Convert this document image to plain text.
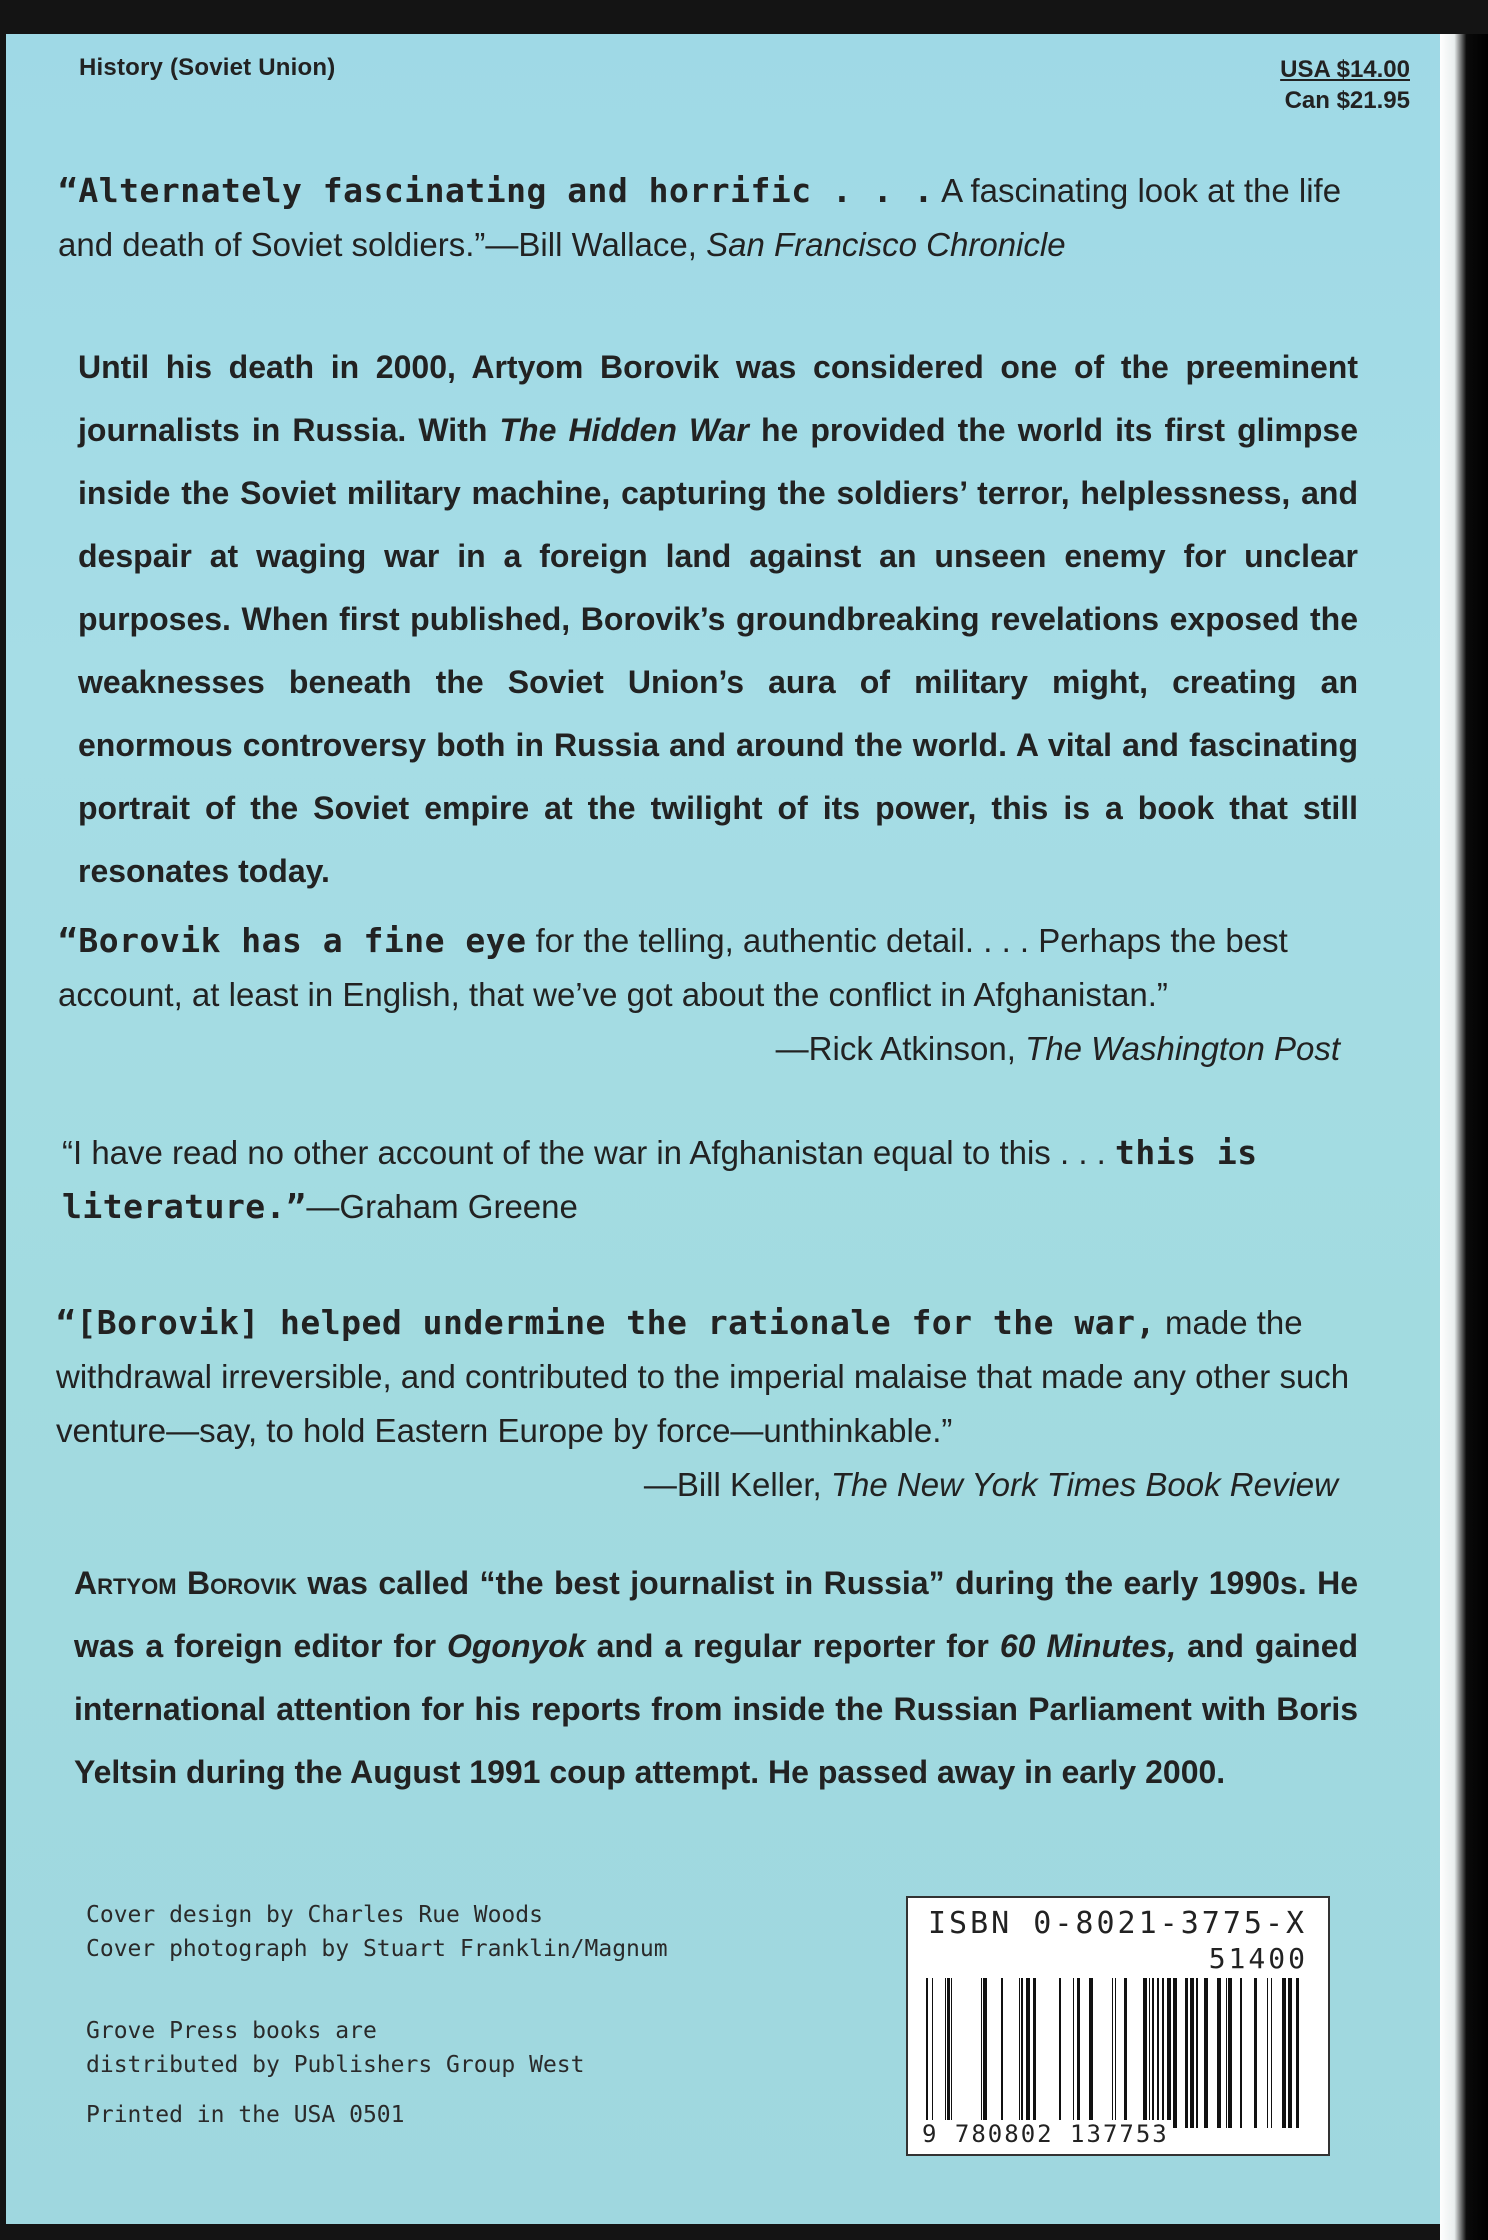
History (Soviet Union)	USA $14.00
Can $21.95
“Alternately fascinating and horrific . . . A fascinating look at the life and death of Soviet soldiers.”—Bill Wallace, San Francisco Chronicle
Until his death in 2000, Artyom Borovik was considered one of the preeminent journalists in Russia. With The Hidden War he provided the world its first glimpse inside the Soviet military machine, capturing the soldiers’ terror, helplessness, and despair at waging war in a foreign land against an unseen enemy for unclear purposes. When first published, Borovik’s groundbreaking revelations exposed the weaknesses beneath the Soviet Union’s aura of military might, creating an enormous controversy both in Russia and around the world. A vital and fascinating portrait of the Soviet empire at the twilight of its power, this is a book that still resonates today.
“Borovik has a fine eye for the telling, authentic detail. . . . Perhaps the best account, at least in English, that we’ve got about the conflict in Afghanistan.”
—Rick Atkinson, The Washington Post
“I have read no other account of the war in Afghanistan equal to this . . . this is literature.”—Graham Greene
“[Borovik] helped undermine the rationale for the war, made the withdrawal irreversible, and contributed to the imperial malaise that made any other such venture—say, to hold Eastern Europe by force—unthinkable.”
—Bill Keller, The New York Times Book Review
Artyom Borovik was called “the best journalist in Russia” during the early 1990s. He was a foreign editor for Ogonyok and a regular reporter for 60 Minutes, and gained international attention for his reports from inside the Russian Parliament with Boris Yeltsin during the August 1991 coup attempt. He passed away in early 2000.
Cover design by Charles Rue Woods
Cover photograph by Stuart Franklin/Magnum
Grove Press books are
distributed by Publishers Group West
Printed in the USA 0501
ISBN 0-8021-3775-X
51400
9 780802 137753
